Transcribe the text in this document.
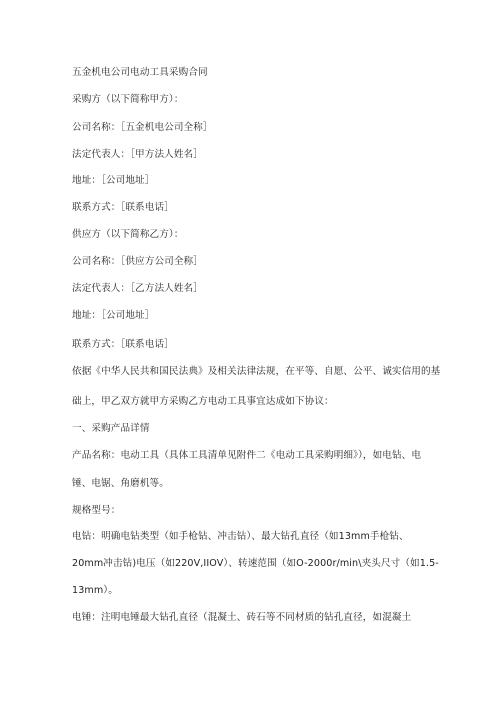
五金机电公司电动工具采购合同
采购方（以下简称甲方）：
公司名称：［五金机电公司全称］
法定代表人：［甲方法人姓名］
地址：［公司地址］
联系方式：［联系电话］
供应方（以下简称乙方）：
公司名称：［供应方公司全称］
法定代表人：［乙方法人姓名］
地址：［公司地址］
联系方式：［联系电话］
依据《中华人民共和国民法典》及相关法律法规，在平等、自愿、公平、诚实信用的基
础上，甲乙双方就甲方采购乙方电动工具事宜达成如下协议：
一、采购产品详情
产品名称：电动工具（具体工具清单见附件二《电动工具采购明细》），如电钻、电
锤、电锯、角磨机等。
规格型号：
电钻：明确电钻类型（如手枪钻、冲击钻）、最大钻孔直径（如13mm手枪钻、
20mm冲击钻)电压（如220V,IIOV）、转速范围（如O-2000r/min\夹头尺寸（如1.5-
13mm）。
电锤：注明电锤最大钻孔直径（混凝土、砖石等不同材质的钻孔直径，如混凝土
